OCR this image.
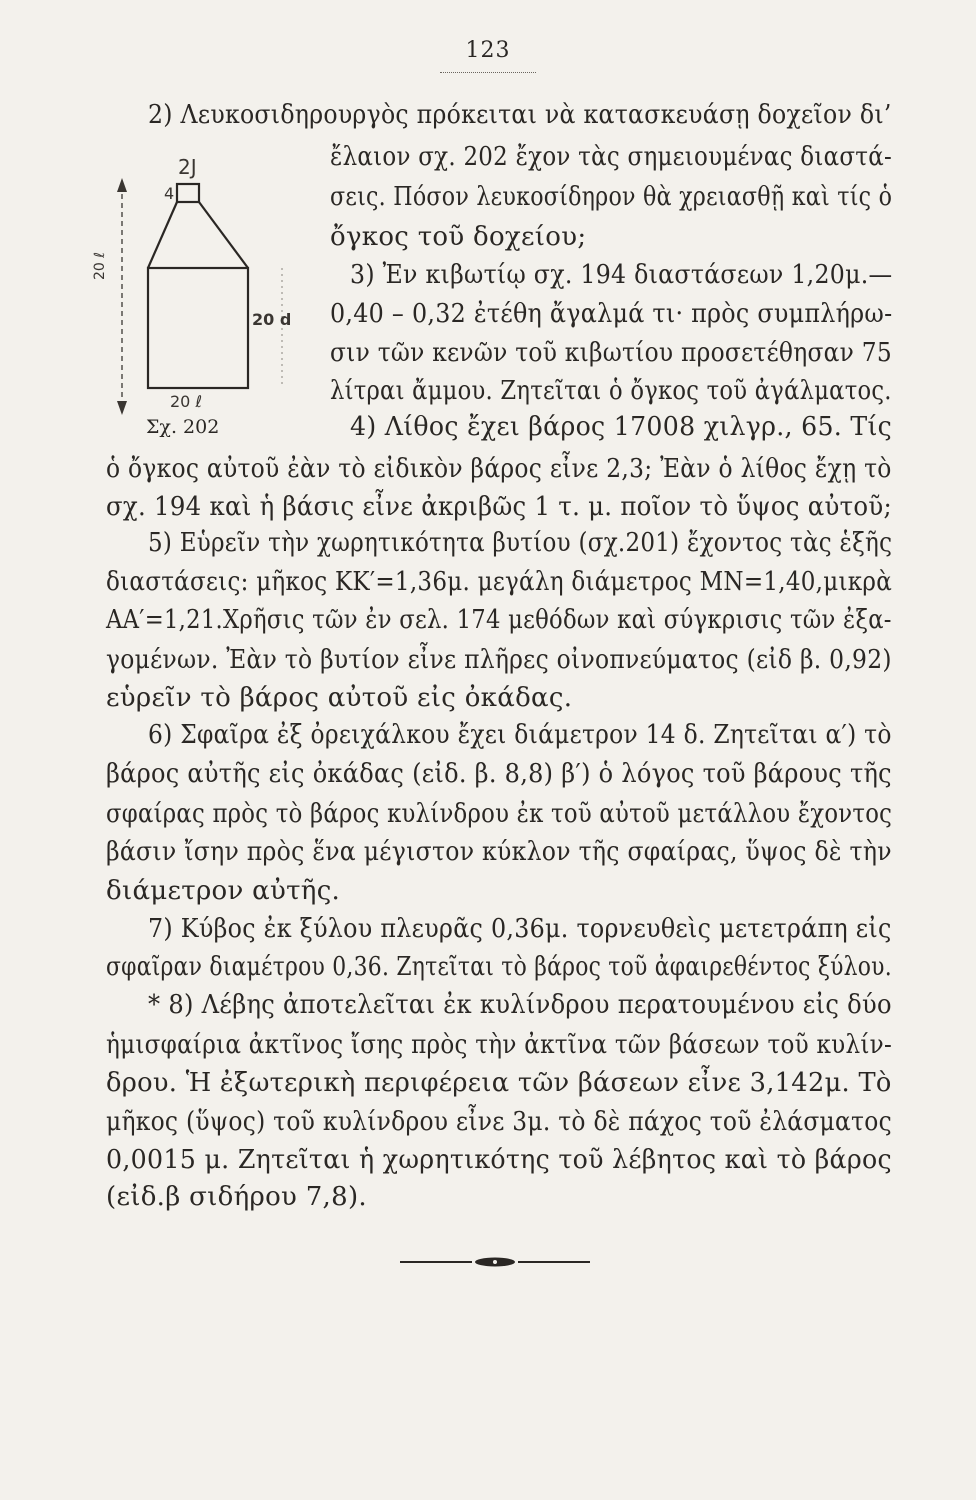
123
2J
4
20 ℓ
20 d
20 ℓ
Σχ. 202
2) Λευκοσιδηρουργὸς πρόκειται νὰ κατασκευάσῃ δοχεῖον δι’
ἔλαιον σχ. 202 ἔχον τὰς σημειουμένας διαστά-
σεις. Πόσον λευκοσίδηρον θὰ χρειασθῇ καὶ τίς ὁ
ὄγκος τοῦ δοχείου;
3) Ἐν κιβωτίῳ σχ. 194 διαστάσεων 1,20μ.—
0,40 – 0,32 ἐτέθη ἄγαλμά τι· πρὸς συμπλήρω-
σιν τῶν κενῶν τοῦ κιβωτίου προσετέθησαν 75
λίτραι ἄμμου. Ζητεῖται ὁ ὄγκος τοῦ ἀγάλματος.
4) Λίθος ἔχει βάρος 17008 χιλγρ., 65. Τίς
ὁ ὄγκος αὐτοῦ ἐὰν τὸ εἰδικὸν βάρος εἶνε 2,3; Ἐὰν ὁ λίθος ἔχῃ τὸ
σχ. 194 καὶ ἡ βάσις εἶνε ἀκριβῶς 1 τ. μ. ποῖον τὸ ὕψος αὐτοῦ;
5) Εὑρεῖν τὴν χωρητικότητα βυτίου (σχ.201) ἔχοντος τὰς ἑξῆς
διαστάσεις: μῆκος ΚΚ′=1,36μ. μεγάλη διάμετρος ΜΝ=1,40,μικρὰ
ΑΑ′=1,21.Χρῆσις τῶν ἐν σελ. 174 μεθόδων καὶ σύγκρισις τῶν ἐξα-
γομένων. Ἐὰν τὸ βυτίον εἶνε πλῆρες οἰνοπνεύματος (εἰδ β. 0,92)
εὑρεῖν τὸ βάρος αὐτοῦ εἰς ὀκάδας.
6) Σφαῖρα ἐξ ὀρειχάλκου ἔχει διάμετρον 14 δ. Ζητεῖται α′) τὸ
βάρος αὐτῆς εἰς ὀκάδας (εἰδ. β. 8,8) β′) ὁ λόγος τοῦ βάρους τῆς
σφαίρας πρὸς τὸ βάρος κυλίνδρου ἐκ τοῦ αὐτοῦ μετάλλου ἔχοντος
βάσιν ἴσην πρὸς ἕνα μέγιστον κύκλον τῆς σφαίρας, ὕψος δὲ τὴν
διάμετρον αὐτῆς.
7) Κύβος ἐκ ξύλου πλευρᾶς 0,36μ. τορνευθεὶς μετετράπη εἰς
σφαῖραν διαμέτρου 0,36. Ζητεῖται τὸ βάρος τοῦ ἀφαιρεθέντος ξύλου.
* 8) Λέβης ἀποτελεῖται ἐκ κυλίνδρου περατουμένου εἰς δύο
ἡμισφαίρια ἀκτῖνος ἴσης πρὸς τὴν ἀκτῖνα τῶν βάσεων τοῦ κυλίν-
δρου. Ἡ ἐξωτερικὴ περιφέρεια τῶν βάσεων εἶνε 3,142μ. Τὸ
μῆκος (ὕψος) τοῦ κυλίνδρου εἶνε 3μ. τὸ δὲ πάχος τοῦ ἐλάσματος
0,0015 μ. Ζητεῖται ἡ χωρητικότης τοῦ λέβητος καὶ τὸ βάρος
(εἰδ.β σιδήρου 7,8).
